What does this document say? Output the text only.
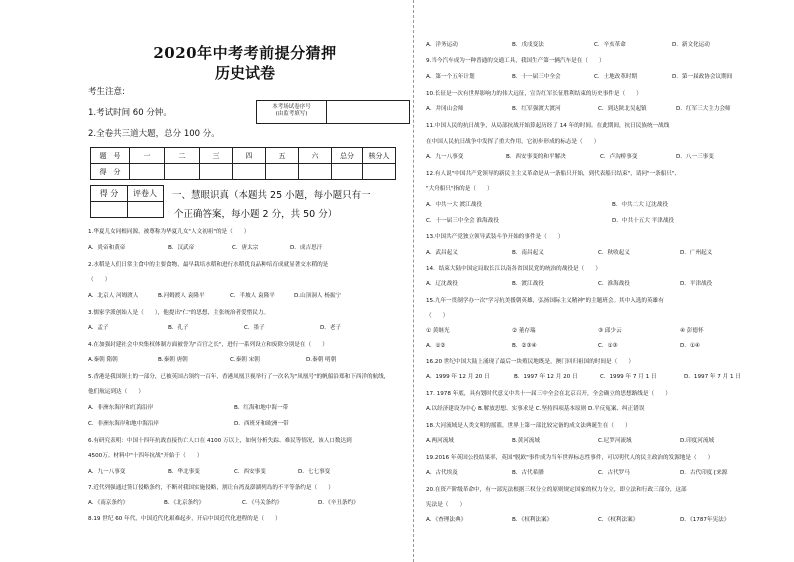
2020年中考考前提分猜押
历史试卷
考生注意:
1.考试时间 60 分钟。
2.全卷共三道大题，总分 100 分。
本考场试卷序号
(由监考填写)
题　号	一	二	三	四	五	六	总分	核分人
得　分								
得 分	评卷人	一、慧眼识真（本题共 25 小题，每小题只有一
个正确答案，每小题 2 分，共 50 分）
1.华夏儿女同根同源，被尊称为华夏儿女"人文初祖"的是（　　）
A．炎帝和黄帝	B．汉武帝	C．唐太宗	D．成吉思汗
2.水稻是人们日常主食中的主要食物，最早栽培水稻和进行水稻优良品种培育成就显著交水稻的是
（　　）
A．北京人 河姆渡人	B.河姆渡人 袁隆平	C．半坡人 袁隆平	D.山顶洞人 杨振宁
3.儒家学派创始人是（　　），他提出"仁"的思想，主张统治者爱惜民力。
A．孟子	B．孔子	C．墨子	D．老子
4.在加强封建社会中央集权体制方面被誉为"百官之长"，进行一系列设立和废除分别是在（　　）
A.秦朝 隋朝	B.秦朝 唐朝	C.秦朝 宋朝	D.秦朝 明朝
5.香港是我国领土的一部分，已被英国占领约一百年，香港凤凰卫视举行了一次名为"凤凰号"的帆船沿郑和下西洋的航线，
他们航运到达（　　）
A．非洲东海岸和红海沿岸	B．红海和地中海一带
C．非洲东海岸和地中海沿岸	D．西班牙和欧洲一带
6.有研究表明：中国十四年抗战直接伤亡人口在 4100 万以上，如何分析失踪、难民等情况，该人口数达到
4500万。材料中"十四年抗战"开始于（　　）
A．九一八事变	B．华北事变	C．西安事变	D．七七事变
7.近代列强通过签订侵略条约，不断对我国实施侵略，割让台湾及澎湖列岛的不平等条约是（　　）
A．《南京条约》	B．《北京条约》	C．《马关条约》	D．《辛丑条约》
8.19 世纪 60 年代，中国近代化艰难起步，开启中国近代化进程的是（　　）
A．洋务运动	B．戊戌变法	C．辛亥革命	D．新文化运动
9.当今汽车成为一种普通的交通工具，我国生产第一辆汽车是在（　　）
A．第一个五年计划	B．十一届三中全会	C．土地改革时期	D．第一届政协会议期间
10.长征是一次有世界影响力的伟大远征，宣告红军长征胜利结束的历史事件是（　　）
A．井冈山会师	B．红军强渡大渡河	C．到达陕北吴起镇	D．红军三大主力会师
11.中国人民的抗日战争，从局部抗战开始算起历经了 14 年的时间。在此期间，抗日民族统一战线
在中国人民抗日战争中发挥了重大作用，它初步形成的标志是（　　）
A．九一八事变	B．西安事变的和平解决	C．卢沟桥事变	D．八一三事变
12.有人说"中国共产党领导的新民主主义革命是从一条船只开始，到代表船只结束"，请问"一条船只"、
"大舟船只"指的是（　　）
A．中共一大 渡江战役	B．中共二大 辽沈战役
C．十一届三中全会 淮海战役	D．中共十五大 平津战役
13.中国共产党独立领导武装斗争开始的事件是（　　）
A．武昌起义	B．南昌起义	C．秋收起义	D．广州起义
14．结束大陆中国定局取长江以南各省国民党的统治的战役是（　　）
A．辽沈战役	B．渡江战役	C．淮海战役	D．平津战役
15.九年一贯制学办一次"学习抗美援朝英雄，弘扬国际主义精神"的主题班会。其中入选的英雄有
（　　）
① 黄继光	② 董存瑞	③ 邱少云	④ 彭德怀
A．①②	B．②③④	C．①③	D．①④
16.20 世纪中国大陆上涌现了最后一块殖民地既是，澳门回归祖国的时间是（　　）
A．1999 年 12 月 20 日	B．1997 年 12 月 20 日	C．1999 年 7 月 1 日	D．1997 年 7 月 1 日
17. 1978 年底，具有划时代意义中共十一届三中全会在北京召开，全会确立的思想路线是（　　）
A.以经济建设为中心 B.解放思想、实事求是 C.坚持四项基本原则 D.平反冤案、纠正错误
18.大河流域是人类文明的摇篮，世界上第一部比较完备的成文法典诞生在（　　）
A.两河流域	B.黄河流域	C.尼罗河流域	D.印度河流域
19.2016 年英国公投结果率，英国"脱欧"事件成为当年世界标志性事件，可以明代人的民主政治的发源地是（　　）
A．古代埃及	B．古代希腊	C．古代罗马	D．古代印度 [来源
20.在资产阶级革命中，有一部宪法根据三权分立的原则规定国家的权力分立，即立法和行政三部分，这部
宪法是（　　）
A．《查理法典》	B．《权利法案》	C．《权利法案》	D．《1787年宪法》
